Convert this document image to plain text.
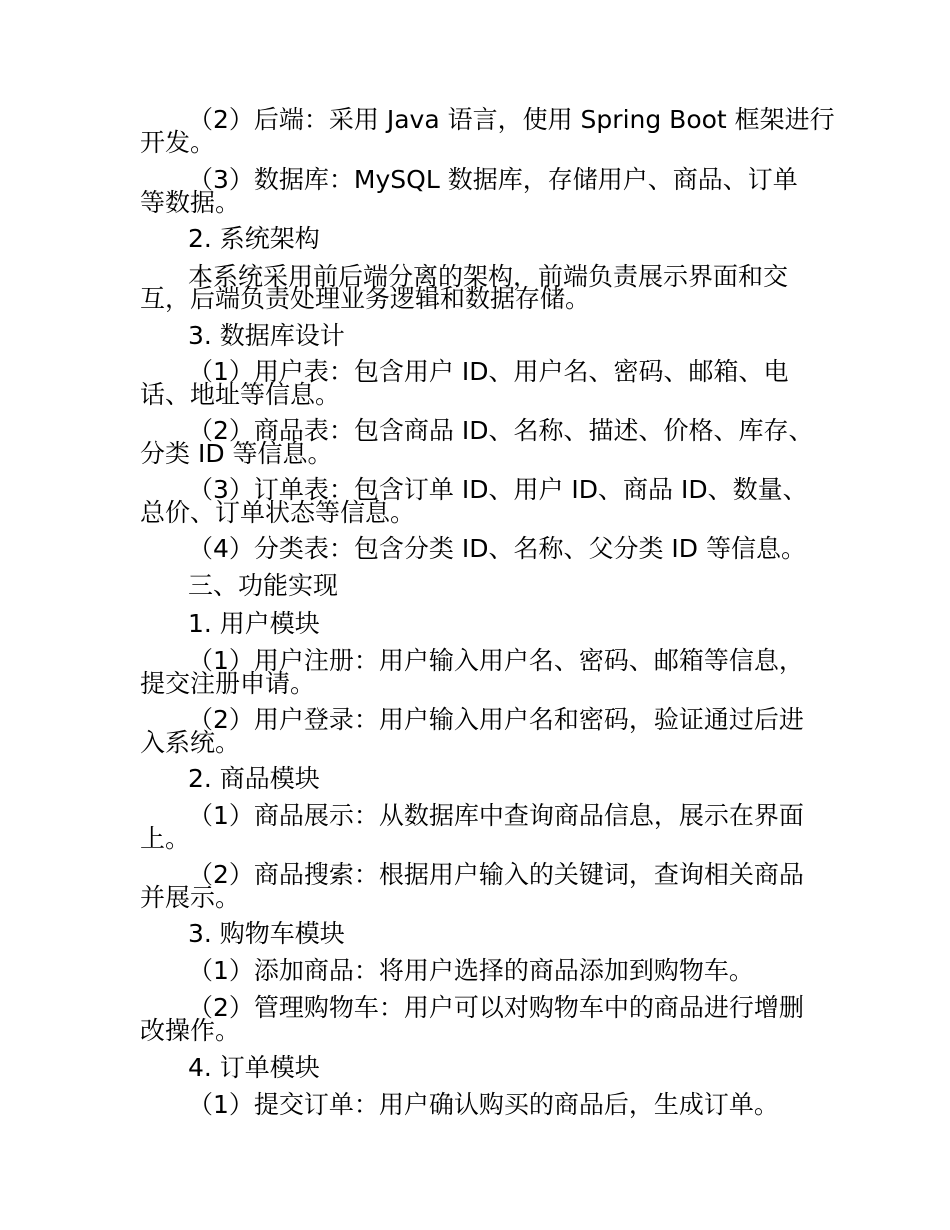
（2）后端：采用 Java 语言，使用 Spring Boot 框架进行
开发。
（3）数据库：MySQL 数据库，存储用户、商品、订单
等数据。
2. 系统架构
本系统采用前后端分离的架构，前端负责展示界面和交
互，后端负责处理业务逻辑和数据存储。
3. 数据库设计
（1）用户表：包含用户 ID、用户名、密码、邮箱、电
话、地址等信息。
（2）商品表：包含商品 ID、名称、描述、价格、库存、
分类 ID 等信息。
（3）订单表：包含订单 ID、用户 ID、商品 ID、数量、
总价、订单状态等信息。
（4）分类表：包含分类 ID、名称、父分类 ID 等信息。
三、功能实现
1. 用户模块
（1）用户注册：用户输入用户名、密码、邮箱等信息，
提交注册申请。
（2）用户登录：用户输入用户名和密码，验证通过后进
入系统。
2. 商品模块
（1）商品展示：从数据库中查询商品信息，展示在界面
上。
（2）商品搜索：根据用户输入的关键词，查询相关商品
并展示。
3. 购物车模块
（1）添加商品：将用户选择的商品添加到购物车。
（2）管理购物车：用户可以对购物车中的商品进行增删
改操作。
4. 订单模块
（1）提交订单：用户确认购买的商品后，生成订单。
